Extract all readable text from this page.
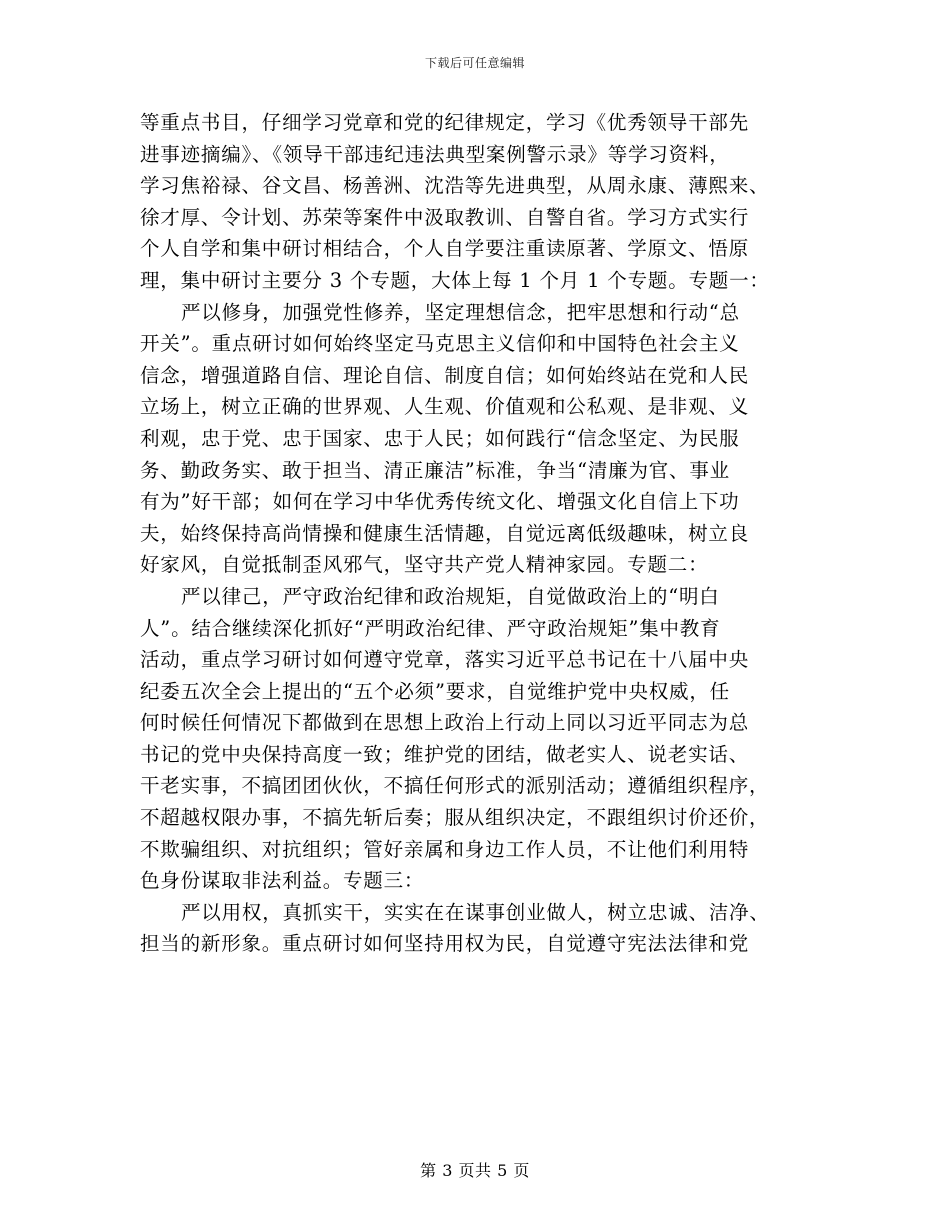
下载后可任意编辑
等重点书目，仔细学习党章和党的纪律规定，学习《优秀领导干部先
进事迹摘编》、《领导干部违纪违法典型案例警示录》等学习资料，
学习焦裕禄、谷文昌、杨善洲、沈浩等先进典型，从周永康、薄熙来、
徐才厚、令计划、苏荣等案件中汲取教训、自警自省。学习方式实行
个人自学和集中研讨相结合，个人自学要注重读原著、学原文、悟原
理，集中研讨主要分 3 个专题，大体上每 1 个月 1 个专题。专题一：
严以修身，加强党性修养，坚定理想信念，把牢思想和行动“总
开关”。重点研讨如何始终坚定马克思主义信仰和中国特色社会主义
信念，增强道路自信、理论自信、制度自信；如何始终站在党和人民
立场上，树立正确的世界观、人生观、价值观和公私观、是非观、义
利观，忠于党、忠于国家、忠于人民；如何践行“信念坚定、为民服
务、勤政务实、敢于担当、清正廉洁”标准，争当“清廉为官、事业
有为”好干部；如何在学习中华优秀传统文化、增强文化自信上下功
夫，始终保持高尚情操和健康生活情趣，自觉远离低级趣味，树立良
好家风，自觉抵制歪风邪气，坚守共产党人精神家园。专题二：
严以律己，严守政治纪律和政治规矩，自觉做政治上的“明白
人”。结合继续深化抓好“严明政治纪律、严守政治规矩”集中教育
活动，重点学习研讨如何遵守党章，落实习近平总书记在十八届中央
纪委五次全会上提出的“五个必须”要求，自觉维护党中央权威，任
何时候任何情况下都做到在思想上政治上行动上同以习近平同志为总
书记的党中央保持高度一致；维护党的团结，做老实人、说老实话、
干老实事，不搞团团伙伙，不搞任何形式的派别活动；遵循组织程序，
不超越权限办事，不搞先斩后奏；服从组织决定，不跟组织讨价还价，
不欺骗组织、对抗组织；管好亲属和身边工作人员，不让他们利用特
色身份谋取非法利益。专题三：
严以用权，真抓实干，实实在在谋事创业做人，树立忠诚、洁净、
担当的新形象。重点研讨如何坚持用权为民，自觉遵守宪法法律和党
第 3 页共 5 页
